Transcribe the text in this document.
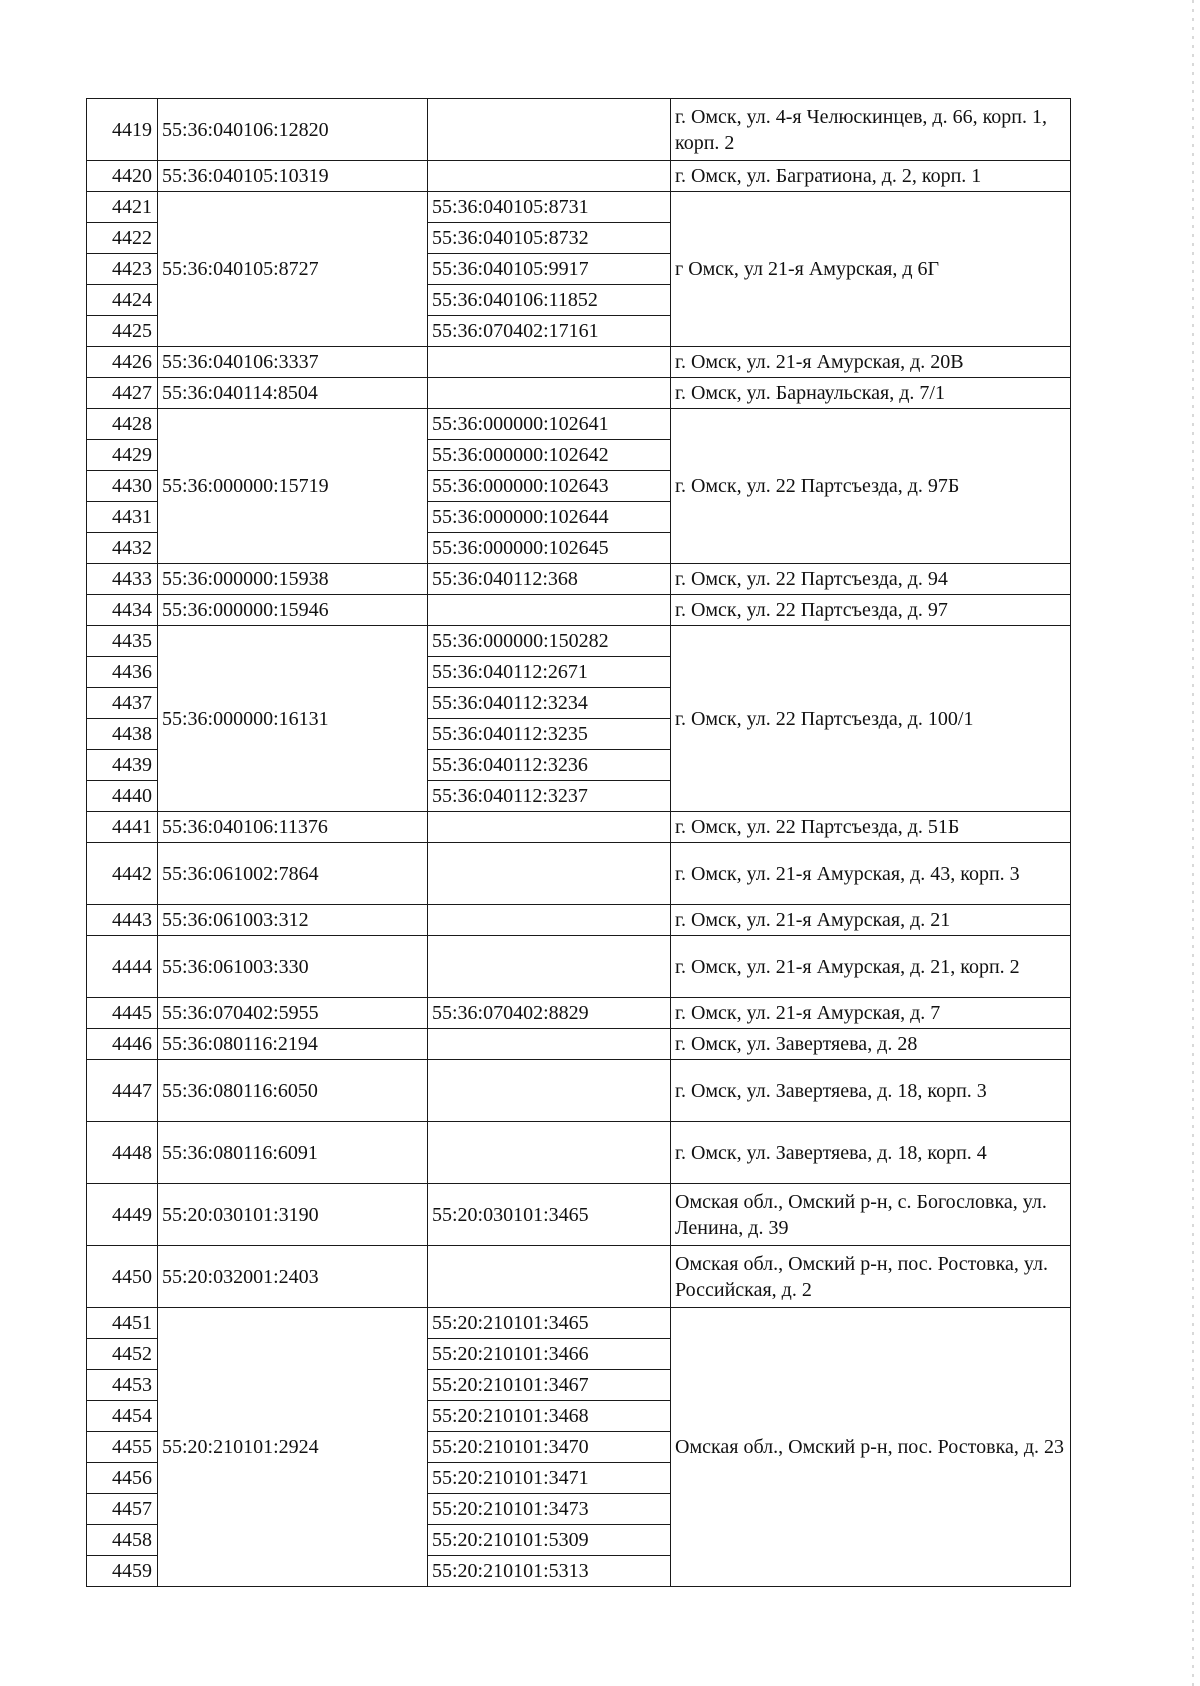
4419	55:36:040106:12820		г. Омск, ул. 4-я Челюскинцев, д. 66, корп. 1, корп. 2
4420	55:36:040105:10319		г. Омск, ул. Багратиона, д. 2, корп. 1
4421	55:36:040105:8727	55:36:040105:8731	г Омск, ул 21-я Амурская, д 6Г
4422		55:36:040105:8732	
4423		55:36:040105:9917	
4424		55:36:040106:11852	
4425		55:36:070402:17161	
4426	55:36:040106:3337		г. Омск, ул. 21-я Амурская, д. 20В
4427	55:36:040114:8504		г. Омск, ул. Барнаульская, д. 7/1
4428	55:36:000000:15719	55:36:000000:102641	г. Омск, ул. 22 Партсъезда, д. 97Б
4429		55:36:000000:102642	
4430		55:36:000000:102643	
4431		55:36:000000:102644	
4432		55:36:000000:102645	
4433	55:36:000000:15938	55:36:040112:368	г. Омск, ул. 22 Партсъезда, д. 94
4434	55:36:000000:15946		г. Омск, ул. 22 Партсъезда, д. 97
4435	55:36:000000:16131	55:36:000000:150282	г. Омск, ул. 22 Партсъезда, д. 100/1
4436		55:36:040112:2671	
4437		55:36:040112:3234	
4438		55:36:040112:3235	
4439		55:36:040112:3236	
4440		55:36:040112:3237	
4441	55:36:040106:11376		г. Омск, ул. 22 Партсъезда, д. 51Б
4442	55:36:061002:7864		г. Омск, ул. 21-я Амурская, д. 43, корп. 3
4443	55:36:061003:312		г. Омск, ул. 21-я Амурская, д. 21
4444	55:36:061003:330		г. Омск, ул. 21-я Амурская, д. 21, корп. 2
4445	55:36:070402:5955	55:36:070402:8829	г. Омск, ул. 21-я Амурская, д. 7
4446	55:36:080116:2194		г. Омск, ул. Завертяева, д. 28
4447	55:36:080116:6050		г. Омск, ул. Завертяева, д. 18, корп. 3
4448	55:36:080116:6091		г. Омск, ул. Завертяева, д. 18, корп. 4
4449	55:20:030101:3190	55:20:030101:3465	Омская обл., Омский р-н, с. Богословка, ул. Ленина, д. 39
4450	55:20:032001:2403		Омская обл., Омский р-н, пос. Ростовка, ул. Российская, д. 2
4451	55:20:210101:2924	55:20:210101:3465	Омская обл., Омский р-н, пос. Ростовка, д. 23
4452		55:20:210101:3466	
4453		55:20:210101:3467	
4454		55:20:210101:3468	
4455		55:20:210101:3470	
4456		55:20:210101:3471	
4457		55:20:210101:3473	
4458		55:20:210101:5309	
4459		55:20:210101:5313	
